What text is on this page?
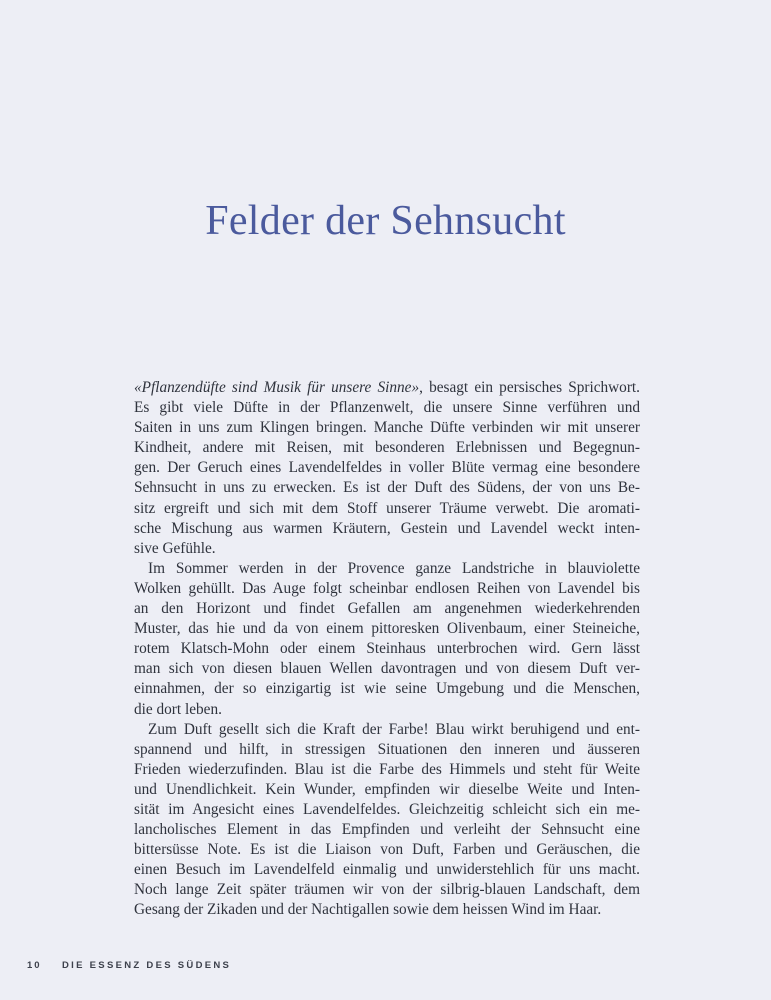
Felder der Sehnsucht
«Pflanzendüfte sind Musik für unsere Sinne», besagt ein persisches Sprichwort.
Es gibt viele Düfte in der Pflanzenwelt, die unsere Sinne verführen und
Saiten in uns zum Klingen bringen. Manche Düfte verbinden wir mit unserer
Kindheit, andere mit Reisen, mit besonderen Erlebnissen und Begegnun-
gen. Der Geruch eines Lavendelfeldes in voller Blüte vermag eine besondere
Sehnsucht in uns zu erwecken. Es ist der Duft des Südens, der von uns Be-
sitz ergreift und sich mit dem Stoff unserer Träume verwebt. Die aromati-
sche Mischung aus warmen Kräutern, Gestein und Lavendel weckt inten-
sive Gefühle.
Im Sommer werden in der Provence ganze Landstriche in blauviolette
Wolken gehüllt. Das Auge folgt scheinbar endlosen Reihen von Lavendel bis
an den Horizont und findet Gefallen am angenehmen wiederkehrenden
Muster, das hie und da von einem pittoresken Olivenbaum, einer Steineiche,
rotem Klatsch-Mohn oder einem Steinhaus unterbrochen wird. Gern lässt
man sich von diesen blauen Wellen davontragen und von diesem Duft ver-
einnahmen, der so einzigartig ist wie seine Umgebung und die Menschen,
die dort leben.
Zum Duft gesellt sich die Kraft der Farbe! Blau wirkt beruhigend und ent-
spannend und hilft, in stressigen Situationen den inneren und äusseren
Frieden wiederzufinden. Blau ist die Farbe des Himmels und steht für Weite
und Unendlichkeit. Kein Wunder, empfinden wir dieselbe Weite und Inten-
sität im Angesicht eines Lavendelfeldes. Gleichzeitig schleicht sich ein me-
lancholisches Element in das Empfinden und verleiht der Sehnsucht eine
bittersüsse Note. Es ist die Liaison von Duft, Farben und Geräuschen, die
einen Besuch im Lavendelfeld einmalig und unwiderstehlich für uns macht.
Noch lange Zeit später träumen wir von der silbrig-blauen Landschaft, dem
Gesang der Zikaden und der Nachtigallen sowie dem heissen Wind im Haar.
10 DIE ESSENZ DES SÜDENS
